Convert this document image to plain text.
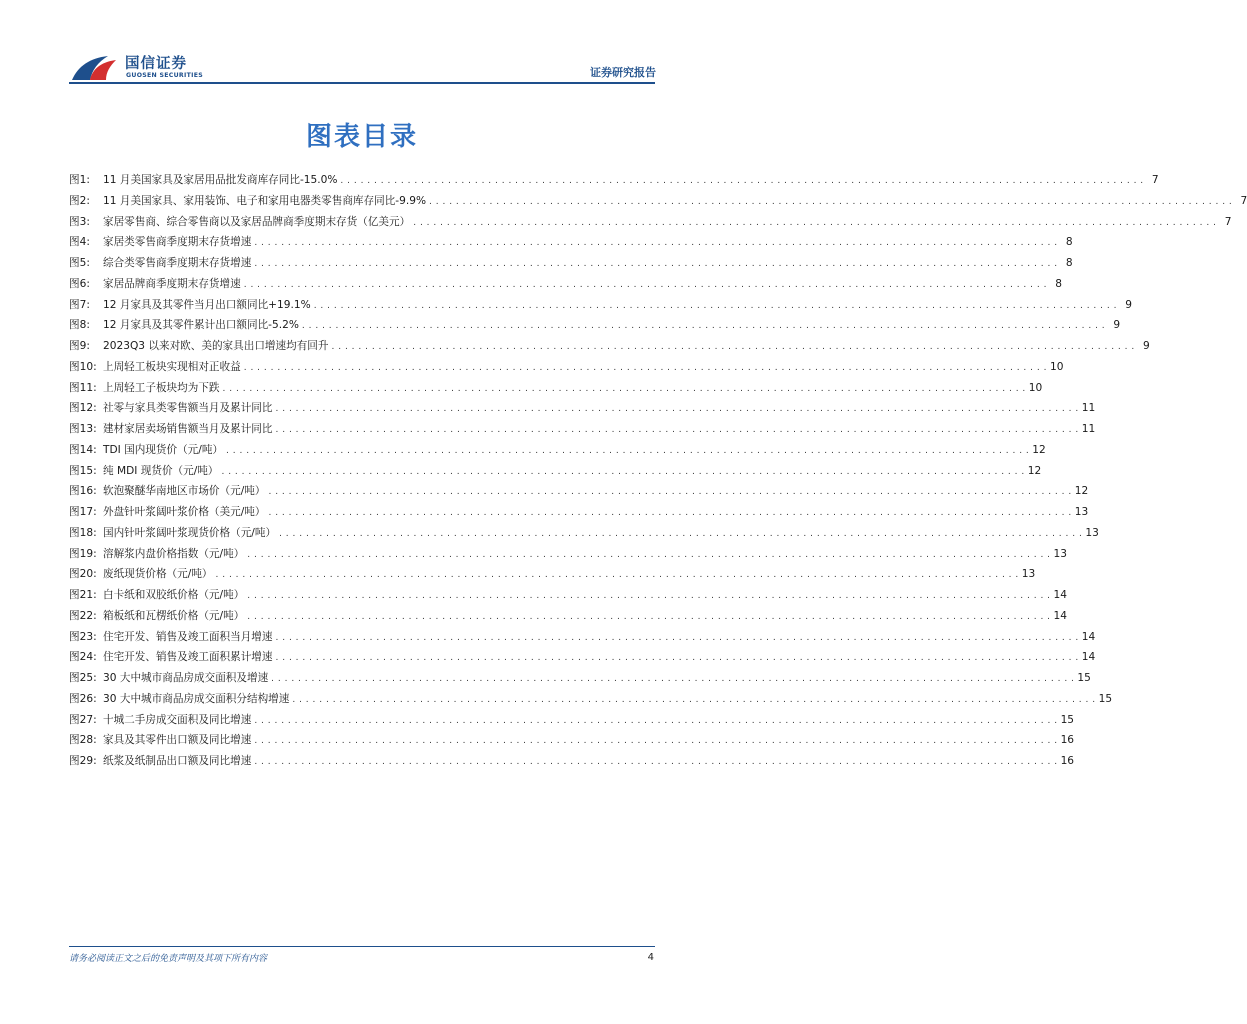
国信证券
GUOSEN SECURITIES	证券研究报告
图表目录
图1:	11 月美国家具及家居用品批发商库存同比-15.0% . . . . . . . . . . . . . . . . . . . . . . . . . . . . . . . . . . . . . . . . . . . . . . . . . . . . . . . . . . . . . . . . . . . . . . . . . . . . . . . . . . . . . . . . . . . . . . . . . . . . . . . . . . . . . . . . . . . . . . . . 7
图2:	11 月美国家具、家用装饰、电子和家用电器类零售商库存同比-9.9% . . . . . . . . . . . . . . . . . . . . . . . . . . . . . . . . . . . . . . . . . . . . . . . . . . . . . . . . . . . . . . . . . . . . . . . . . . . . . . . . . . . . . . . . . . . . . . . . . . . . . . . . . . . . . . . . . . . . . . . . 7
图3:	家居零售商、综合零售商以及家居品牌商季度期末存货（亿美元） . . . . . . . . . . . . . . . . . . . . . . . . . . . . . . . . . . . . . . . . . . . . . . . . . . . . . . . . . . . . . . . . . . . . . . . . . . . . . . . . . . . . . . . . . . . . . . . . . . . . . . . . . . . . . . . . . . . . . . . . 7
图4:	家居类零售商季度期末存货增速 . . . . . . . . . . . . . . . . . . . . . . . . . . . . . . . . . . . . . . . . . . . . . . . . . . . . . . . . . . . . . . . . . . . . . . . . . . . . . . . . . . . . . . . . . . . . . . . . . . . . . . . . . . . . . . . . . . . . . . . . 8
图5:	综合类零售商季度期末存货增速 . . . . . . . . . . . . . . . . . . . . . . . . . . . . . . . . . . . . . . . . . . . . . . . . . . . . . . . . . . . . . . . . . . . . . . . . . . . . . . . . . . . . . . . . . . . . . . . . . . . . . . . . . . . . . . . . . . . . . . . . 8
图6:	家居品牌商季度期末存货增速 . . . . . . . . . . . . . . . . . . . . . . . . . . . . . . . . . . . . . . . . . . . . . . . . . . . . . . . . . . . . . . . . . . . . . . . . . . . . . . . . . . . . . . . . . . . . . . . . . . . . . . . . . . . . . . . . . . . . . . . . 8
图7:	12 月家具及其零件当月出口额同比+19.1% . . . . . . . . . . . . . . . . . . . . . . . . . . . . . . . . . . . . . . . . . . . . . . . . . . . . . . . . . . . . . . . . . . . . . . . . . . . . . . . . . . . . . . . . . . . . . . . . . . . . . . . . . . . . . . . . . . . . . . . . 9
图8:	12 月家具及其零件累计出口额同比-5.2% . . . . . . . . . . . . . . . . . . . . . . . . . . . . . . . . . . . . . . . . . . . . . . . . . . . . . . . . . . . . . . . . . . . . . . . . . . . . . . . . . . . . . . . . . . . . . . . . . . . . . . . . . . . . . . . . . . . . . . . . 9
图9:	2023Q3 以来对欧、美的家具出口增速均有回升 . . . . . . . . . . . . . . . . . . . . . . . . . . . . . . . . . . . . . . . . . . . . . . . . . . . . . . . . . . . . . . . . . . . . . . . . . . . . . . . . . . . . . . . . . . . . . . . . . . . . . . . . . . . . . . . . . . . . . . . . 9
图10: 上周轻工板块实现相对正收益 . . . . . . . . . . . . . . . . . . . . . . . . . . . . . . . . . . . . . . . . . . . . . . . . . . . . . . . . . . . . . . . . . . . . . . . . . . . . . . . . . . . . . . . . . . . . . . . . . . . . . . . . . . . . . . . . . . . . . . . . 10
图11: 上周轻工子板块均为下跌 . . . . . . . . . . . . . . . . . . . . . . . . . . . . . . . . . . . . . . . . . . . . . . . . . . . . . . . . . . . . . . . . . . . . . . . . . . . . . . . . . . . . . . . . . . . . . . . . . . . . . . . . . . . . . . . . . . . . . . . . 10
图12: 社零与家具类零售额当月及累计同比 . . . . . . . . . . . . . . . . . . . . . . . . . . . . . . . . . . . . . . . . . . . . . . . . . . . . . . . . . . . . . . . . . . . . . . . . . . . . . . . . . . . . . . . . . . . . . . . . . . . . . . . . . . . . . . . . . . . . . . . . 11
图13: 建材家居卖场销售额当月及累计同比 . . . . . . . . . . . . . . . . . . . . . . . . . . . . . . . . . . . . . . . . . . . . . . . . . . . . . . . . . . . . . . . . . . . . . . . . . . . . . . . . . . . . . . . . . . . . . . . . . . . . . . . . . . . . . . . . . . . . . . . . 11
图14: TDI 国内现货价（元/吨） . . . . . . . . . . . . . . . . . . . . . . . . . . . . . . . . . . . . . . . . . . . . . . . . . . . . . . . . . . . . . . . . . . . . . . . . . . . . . . . . . . . . . . . . . . . . . . . . . . . . . . . . . . . . . . . . . . . . . . . . 12
图15: 纯 MDI 现货价（元/吨） . . . . . . . . . . . . . . . . . . . . . . . . . . . . . . . . . . . . . . . . . . . . . . . . . . . . . . . . . . . . . . . . . . . . . . . . . . . . . . . . . . . . . . . . . . . . . . . . . . . . . . . . . . . . . . . . . . . . . . . . 12
图16: 软泡聚醚华南地区市场价（元/吨） . . . . . . . . . . . . . . . . . . . . . . . . . . . . . . . . . . . . . . . . . . . . . . . . . . . . . . . . . . . . . . . . . . . . . . . . . . . . . . . . . . . . . . . . . . . . . . . . . . . . . . . . . . . . . . . . . . . . . . . . 12
图17: 外盘针叶浆阔叶浆价格（美元/吨） . . . . . . . . . . . . . . . . . . . . . . . . . . . . . . . . . . . . . . . . . . . . . . . . . . . . . . . . . . . . . . . . . . . . . . . . . . . . . . . . . . . . . . . . . . . . . . . . . . . . . . . . . . . . . . . . . . . . . . . . 13
图18: 国内针叶浆阔叶浆现货价格（元/吨） . . . . . . . . . . . . . . . . . . . . . . . . . . . . . . . . . . . . . . . . . . . . . . . . . . . . . . . . . . . . . . . . . . . . . . . . . . . . . . . . . . . . . . . . . . . . . . . . . . . . . . . . . . . . . . . . . . . . . . . . 13
图19: 溶解浆内盘价格指数（元/吨） . . . . . . . . . . . . . . . . . . . . . . . . . . . . . . . . . . . . . . . . . . . . . . . . . . . . . . . . . . . . . . . . . . . . . . . . . . . . . . . . . . . . . . . . . . . . . . . . . . . . . . . . . . . . . . . . . . . . . . . . 13
图20: 废纸现货价格（元/吨） . . . . . . . . . . . . . . . . . . . . . . . . . . . . . . . . . . . . . . . . . . . . . . . . . . . . . . . . . . . . . . . . . . . . . . . . . . . . . . . . . . . . . . . . . . . . . . . . . . . . . . . . . . . . . . . . . . . . . . . . 13
图21: 白卡纸和双胶纸价格（元/吨） . . . . . . . . . . . . . . . . . . . . . . . . . . . . . . . . . . . . . . . . . . . . . . . . . . . . . . . . . . . . . . . . . . . . . . . . . . . . . . . . . . . . . . . . . . . . . . . . . . . . . . . . . . . . . . . . . . . . . . . . 14
图22: 箱板纸和瓦楞纸价格（元/吨） . . . . . . . . . . . . . . . . . . . . . . . . . . . . . . . . . . . . . . . . . . . . . . . . . . . . . . . . . . . . . . . . . . . . . . . . . . . . . . . . . . . . . . . . . . . . . . . . . . . . . . . . . . . . . . . . . . . . . . . . 14
图23: 住宅开发、销售及竣工面积当月增速 . . . . . . . . . . . . . . . . . . . . . . . . . . . . . . . . . . . . . . . . . . . . . . . . . . . . . . . . . . . . . . . . . . . . . . . . . . . . . . . . . . . . . . . . . . . . . . . . . . . . . . . . . . . . . . . . . . . . . . . . 14
图24: 住宅开发、销售及竣工面积累计增速 . . . . . . . . . . . . . . . . . . . . . . . . . . . . . . . . . . . . . . . . . . . . . . . . . . . . . . . . . . . . . . . . . . . . . . . . . . . . . . . . . . . . . . . . . . . . . . . . . . . . . . . . . . . . . . . . . . . . . . . . 14
图25: 30 大中城市商品房成交面积及增速 . . . . . . . . . . . . . . . . . . . . . . . . . . . . . . . . . . . . . . . . . . . . . . . . . . . . . . . . . . . . . . . . . . . . . . . . . . . . . . . . . . . . . . . . . . . . . . . . . . . . . . . . . . . . . . . . . . . . . . . . 15
图26: 30 大中城市商品房成交面积分结构增速 . . . . . . . . . . . . . . . . . . . . . . . . . . . . . . . . . . . . . . . . . . . . . . . . . . . . . . . . . . . . . . . . . . . . . . . . . . . . . . . . . . . . . . . . . . . . . . . . . . . . . . . . . . . . . . . . . . . . . . . . 15
图27: 十城二手房成交面积及同比增速 . . . . . . . . . . . . . . . . . . . . . . . . . . . . . . . . . . . . . . . . . . . . . . . . . . . . . . . . . . . . . . . . . . . . . . . . . . . . . . . . . . . . . . . . . . . . . . . . . . . . . . . . . . . . . . . . . . . . . . . . 15
图28: 家具及其零件出口额及同比增速 . . . . . . . . . . . . . . . . . . . . . . . . . . . . . . . . . . . . . . . . . . . . . . . . . . . . . . . . . . . . . . . . . . . . . . . . . . . . . . . . . . . . . . . . . . . . . . . . . . . . . . . . . . . . . . . . . . . . . . . . 16
图29: 纸浆及纸制品出口额及同比增速 . . . . . . . . . . . . . . . . . . . . . . . . . . . . . . . . . . . . . . . . . . . . . . . . . . . . . . . . . . . . . . . . . . . . . . . . . . . . . . . . . . . . . . . . . . . . . . . . . . . . . . . . . . . . . . . . . . . . . . . . 16
请务必阅读正文之后的免责声明及其项下所有内容	4
